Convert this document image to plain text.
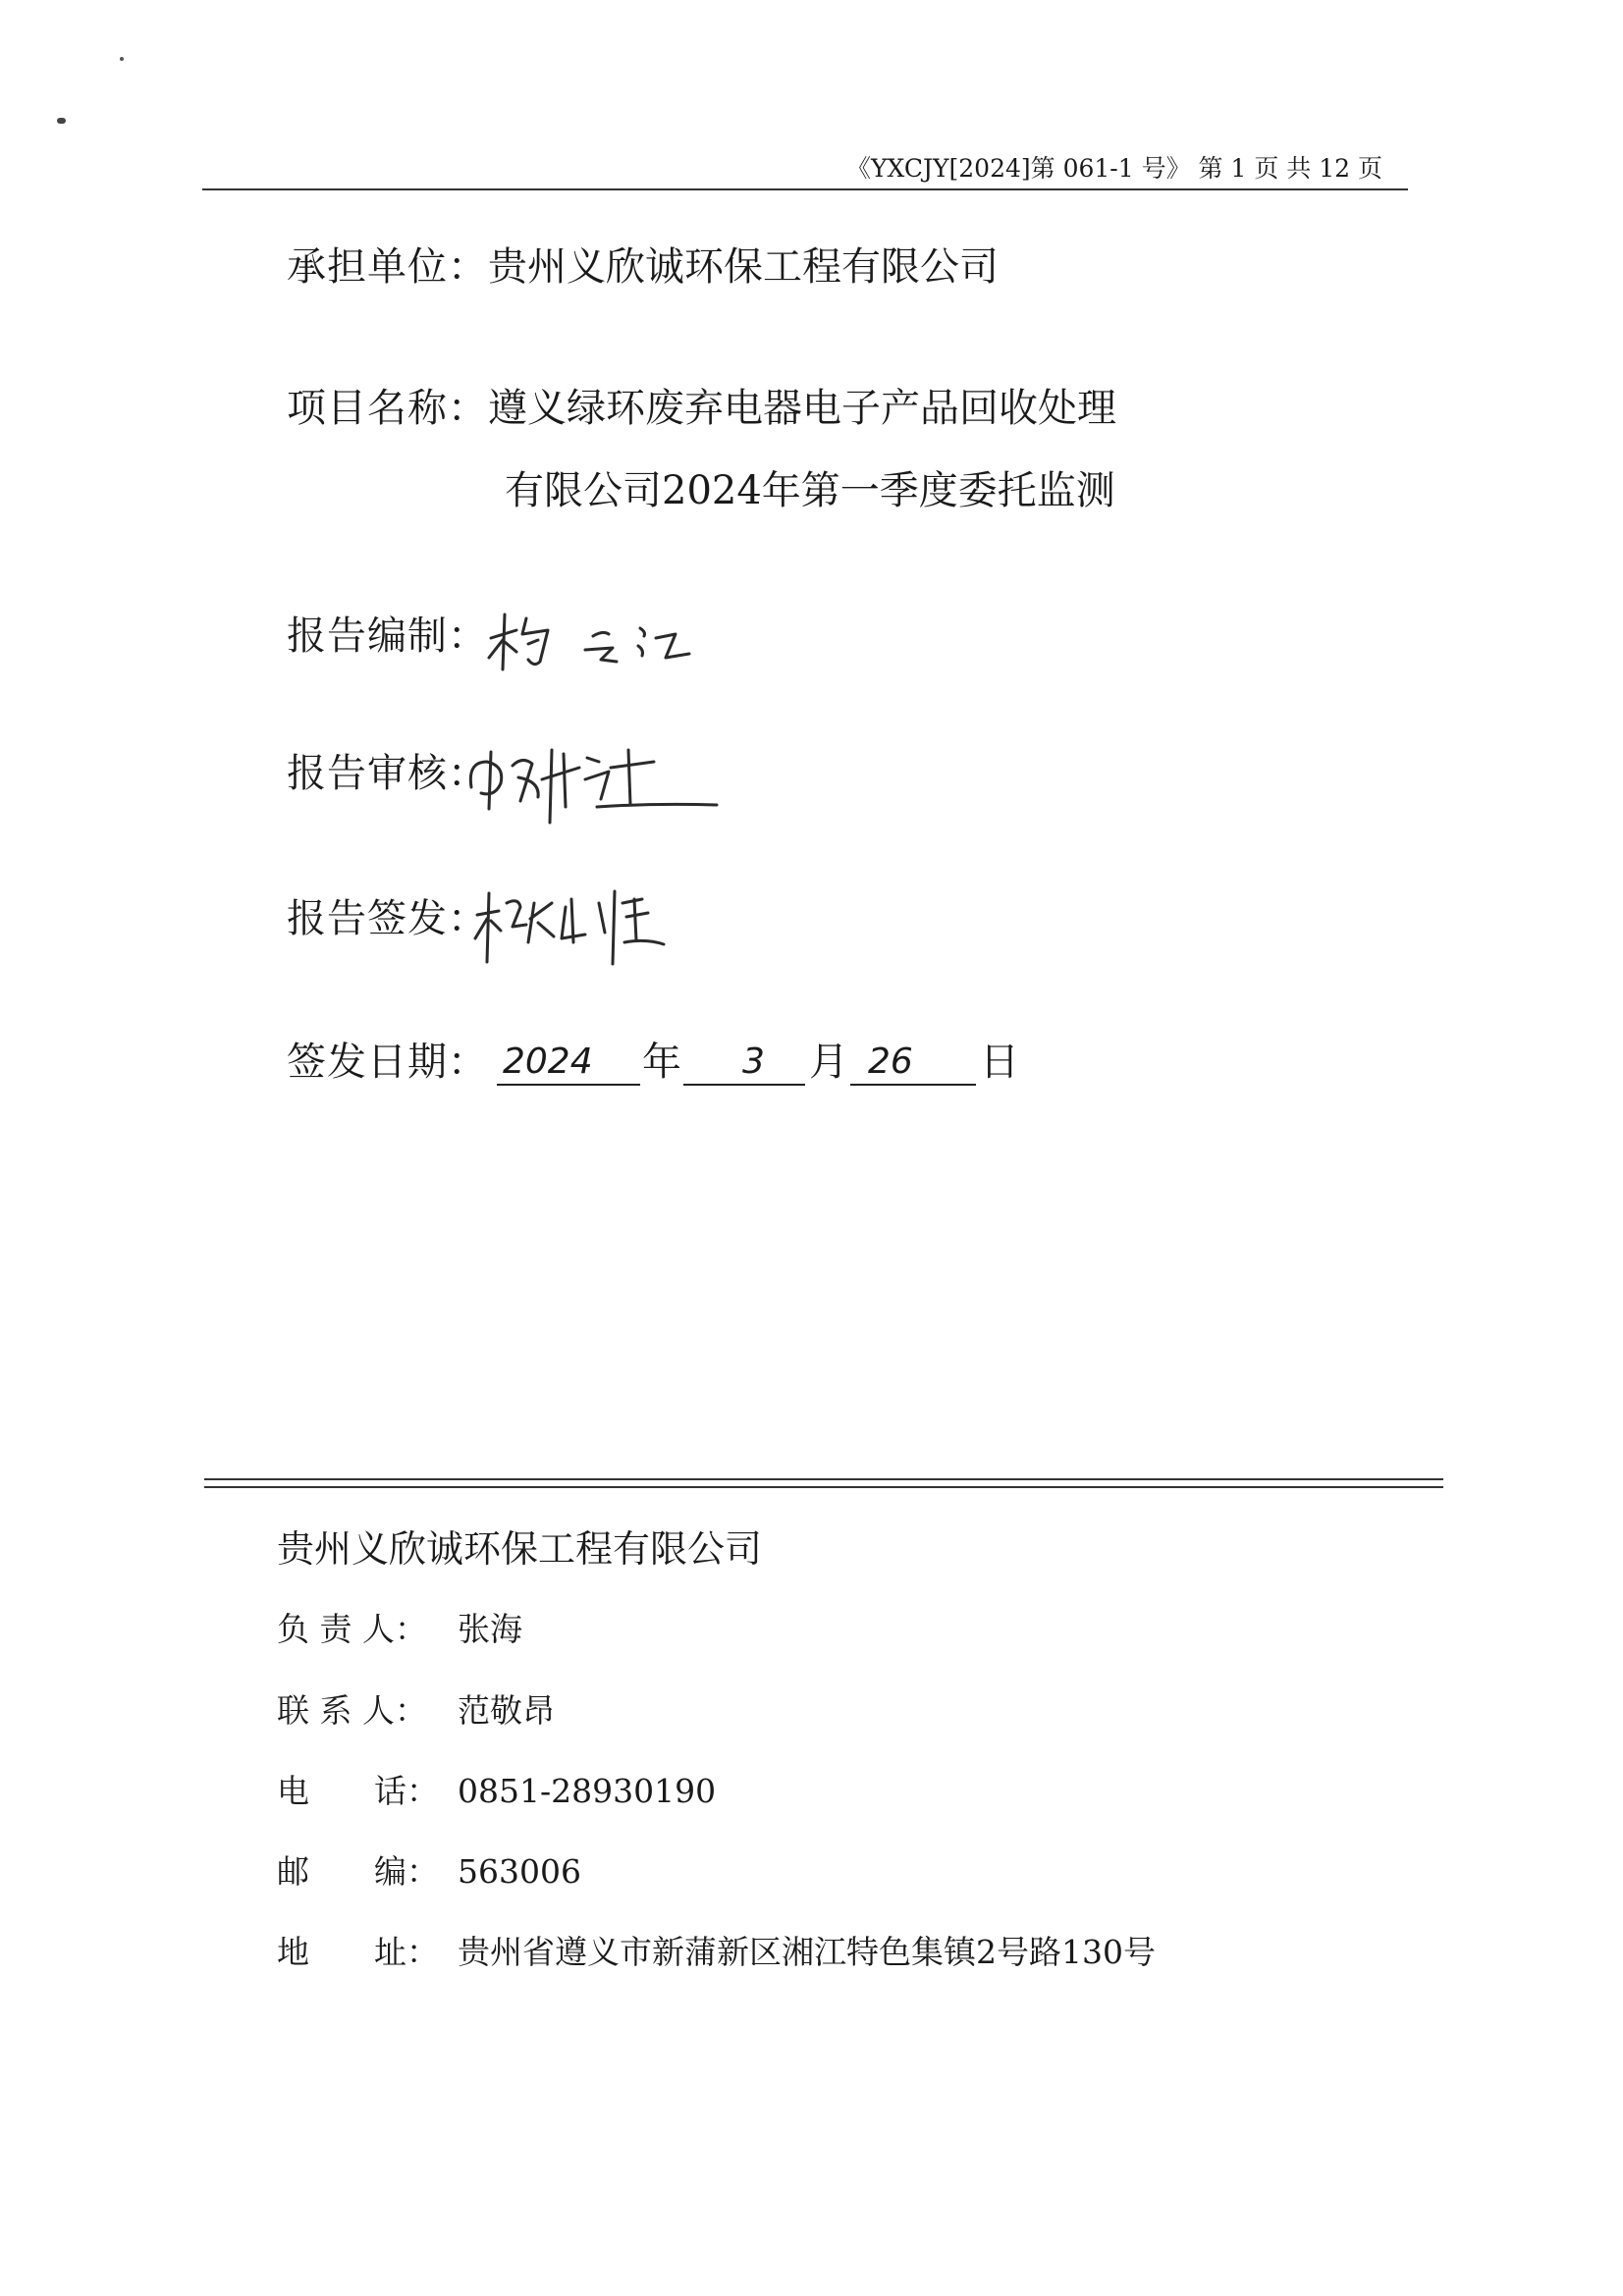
《YXCJY[2024]第 061-1 号》 第 1 页 共 12 页
承担单位：贵州义欣诚环保工程有限公司
项目名称：遵义绿环废弃电器电子产品回收处理
有限公司2024年第一季度委托监测
报告编制：
报告审核：
报告签发：
签发日期： 2024 年 3 月 26 日
贵州义欣诚环保工程有限公司
负 责 人： 张海
联 系 人： 范敬昂
电　　话： 0851-28930190
邮　　编： 563006
地　　址： 贵州省遵义市新蒲新区湘江特色集镇2号路130号
